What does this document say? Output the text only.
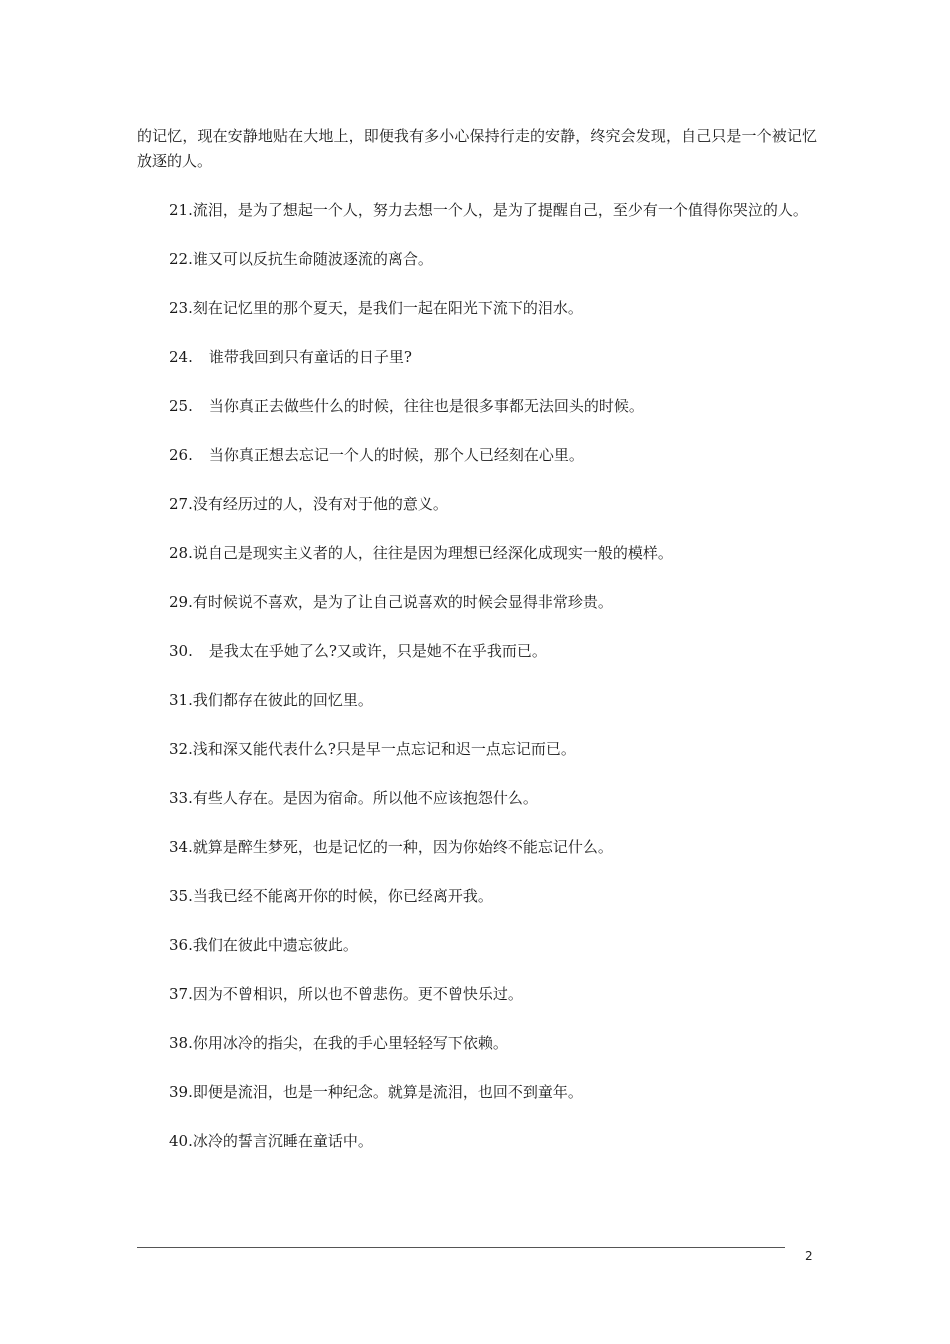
的记忆，现在安静地贴在大地上，即便我有多小心保持行走的安静，终究会发现，自己只是一个被记忆放逐的人。

21.流泪，是为了想起一个人，努力去想一个人，是为了提醒自己，至少有一个值得你哭泣的人。

22.谁又可以反抗生命随波逐流的离合。

23.刻在记忆里的那个夏天，是我们一起在阳光下流下的泪水。

24. 谁带我回到只有童话的日子里?

25. 当你真正去做些什么的时候，往往也是很多事都无法回头的时候。

26. 当你真正想去忘记一个人的时候，那个人已经刻在心里。

27.没有经历过的人，没有对于他的意义。

28.说自己是现实主义者的人，往往是因为理想已经深化成现实一般的模样。

29.有时候说不喜欢，是为了让自己说喜欢的时候会显得非常珍贵。

30. 是我太在乎她了么?又或许，只是她不在乎我而已。

31.我们都存在彼此的回忆里。

32.浅和深又能代表什么?只是早一点忘记和迟一点忘记而已。

33.有些人存在。是因为宿命。所以他不应该抱怨什么。

34.就算是醉生梦死，也是记忆的一种，因为你始终不能忘记什么。

35.当我已经不能离开你的时候，你已经离开我。

36.我们在彼此中遗忘彼此。

37.因为不曾相识，所以也不曾悲伤。更不曾快乐过。

38.你用冰冷的指尖，在我的手心里轻轻写下依赖。

39.即便是流泪，也是一种纪念。就算是流泪，也回不到童年。

40.冰冷的誓言沉睡在童话中。

2
